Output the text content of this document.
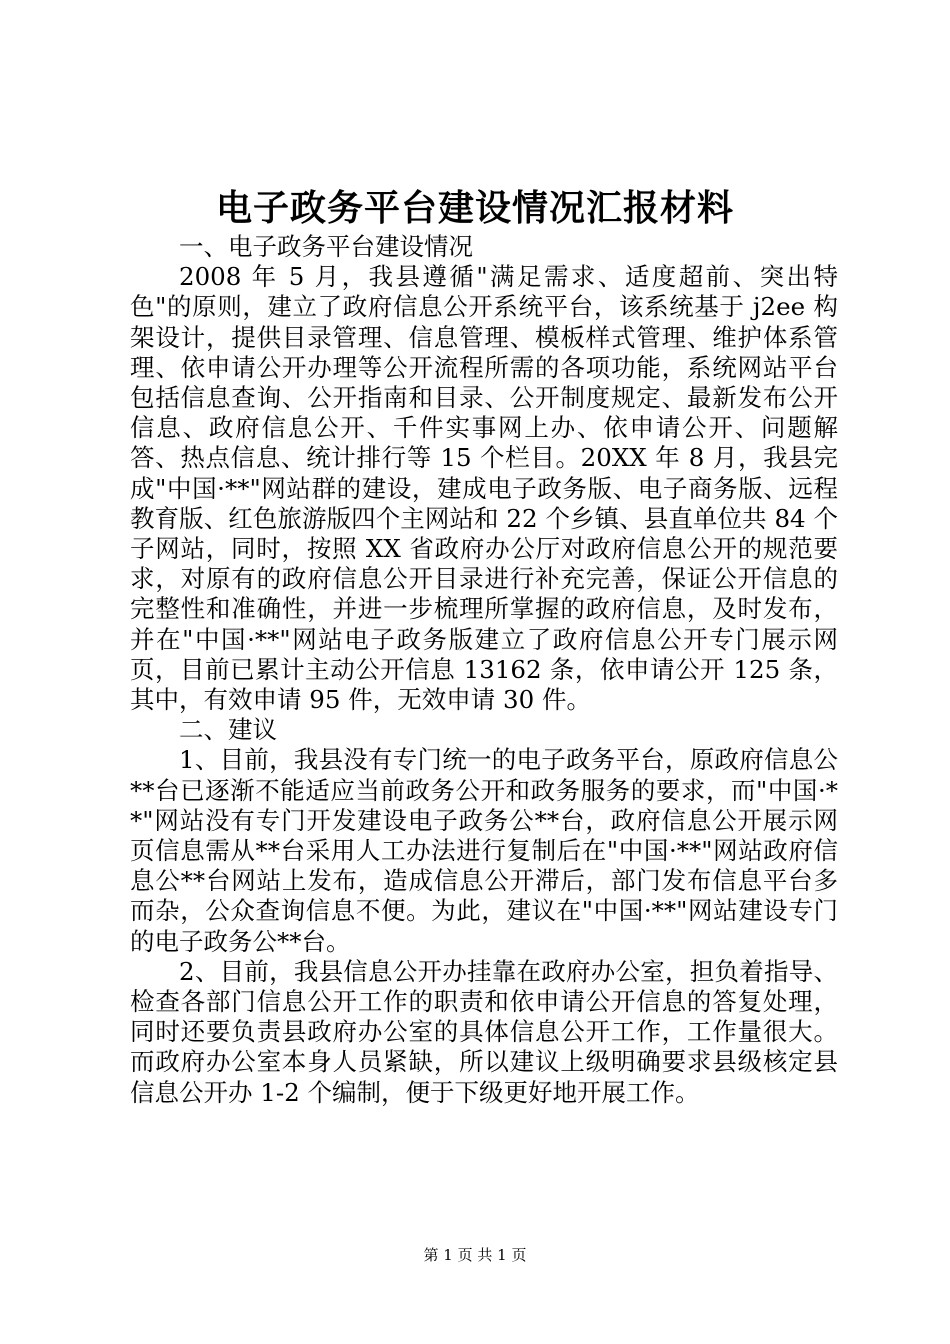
电子政务平台建设情况汇报材料

一、电子政务平台建设情况

2008 年 5 月，我县遵循"满足需求、适度超前、突出特色"的原则，建立了政府信息公开系统平台，该系统基于 j2ee 构架设计，提供目录管理、信息管理、模板样式管理、维护体系管理、依申请公开办理等公开流程所需的各项功能，系统网站平台包括信息查询、公开指南和目录、公开制度规定、最新发布公开信息、政府信息公开、千件实事网上办、依申请公开、问题解答、热点信息、统计排行等 15 个栏目。20XX 年 8 月，我县完成"中国·**"网站群的建设，建成电子政务版、电子商务版、远程教育版、红色旅游版四个主网站和 22 个乡镇、县直单位共 84 个子网站，同时，按照 XX 省政府办公厅对政府信息公开的规范要求，对原有的政府信息公开目录进行补充完善，保证公开信息的完整性和准确性，并进一步梳理所掌握的政府信息，及时发布，并在"中国·**"网站电子政务版建立了政府信息公开专门展示网页，目前已累计主动公开信息 13162 条，依申请公开 125 条，其中，有效申请 95 件，无效申请 30 件。

二、建议

1、目前，我县没有专门统一的电子政务平台，原政府信息公**台已逐渐不能适应当前政务公开和政务服务的要求，而"中国·**"网站没有专门开发建设电子政务公**台，政府信息公开展示网页信息需从**台采用人工办法进行复制后在"中国·**"网站政府信息公**台网站上发布，造成信息公开滞后，部门发布信息平台多而杂，公众查询信息不便。为此，建议在"中国·**"网站建设专门的电子政务公**台。

2、目前，我县信息公开办挂靠在政府办公室，担负着指导、检查各部门信息公开工作的职责和依申请公开信息的答复处理，同时还要负责县政府办公室的具体信息公开工作，工作量很大。而政府办公室本身人员紧缺，所以建议上级明确要求县级核定县信息公开办 1-2 个编制，便于下级更好地开展工作。

第 1 页 共 1 页
